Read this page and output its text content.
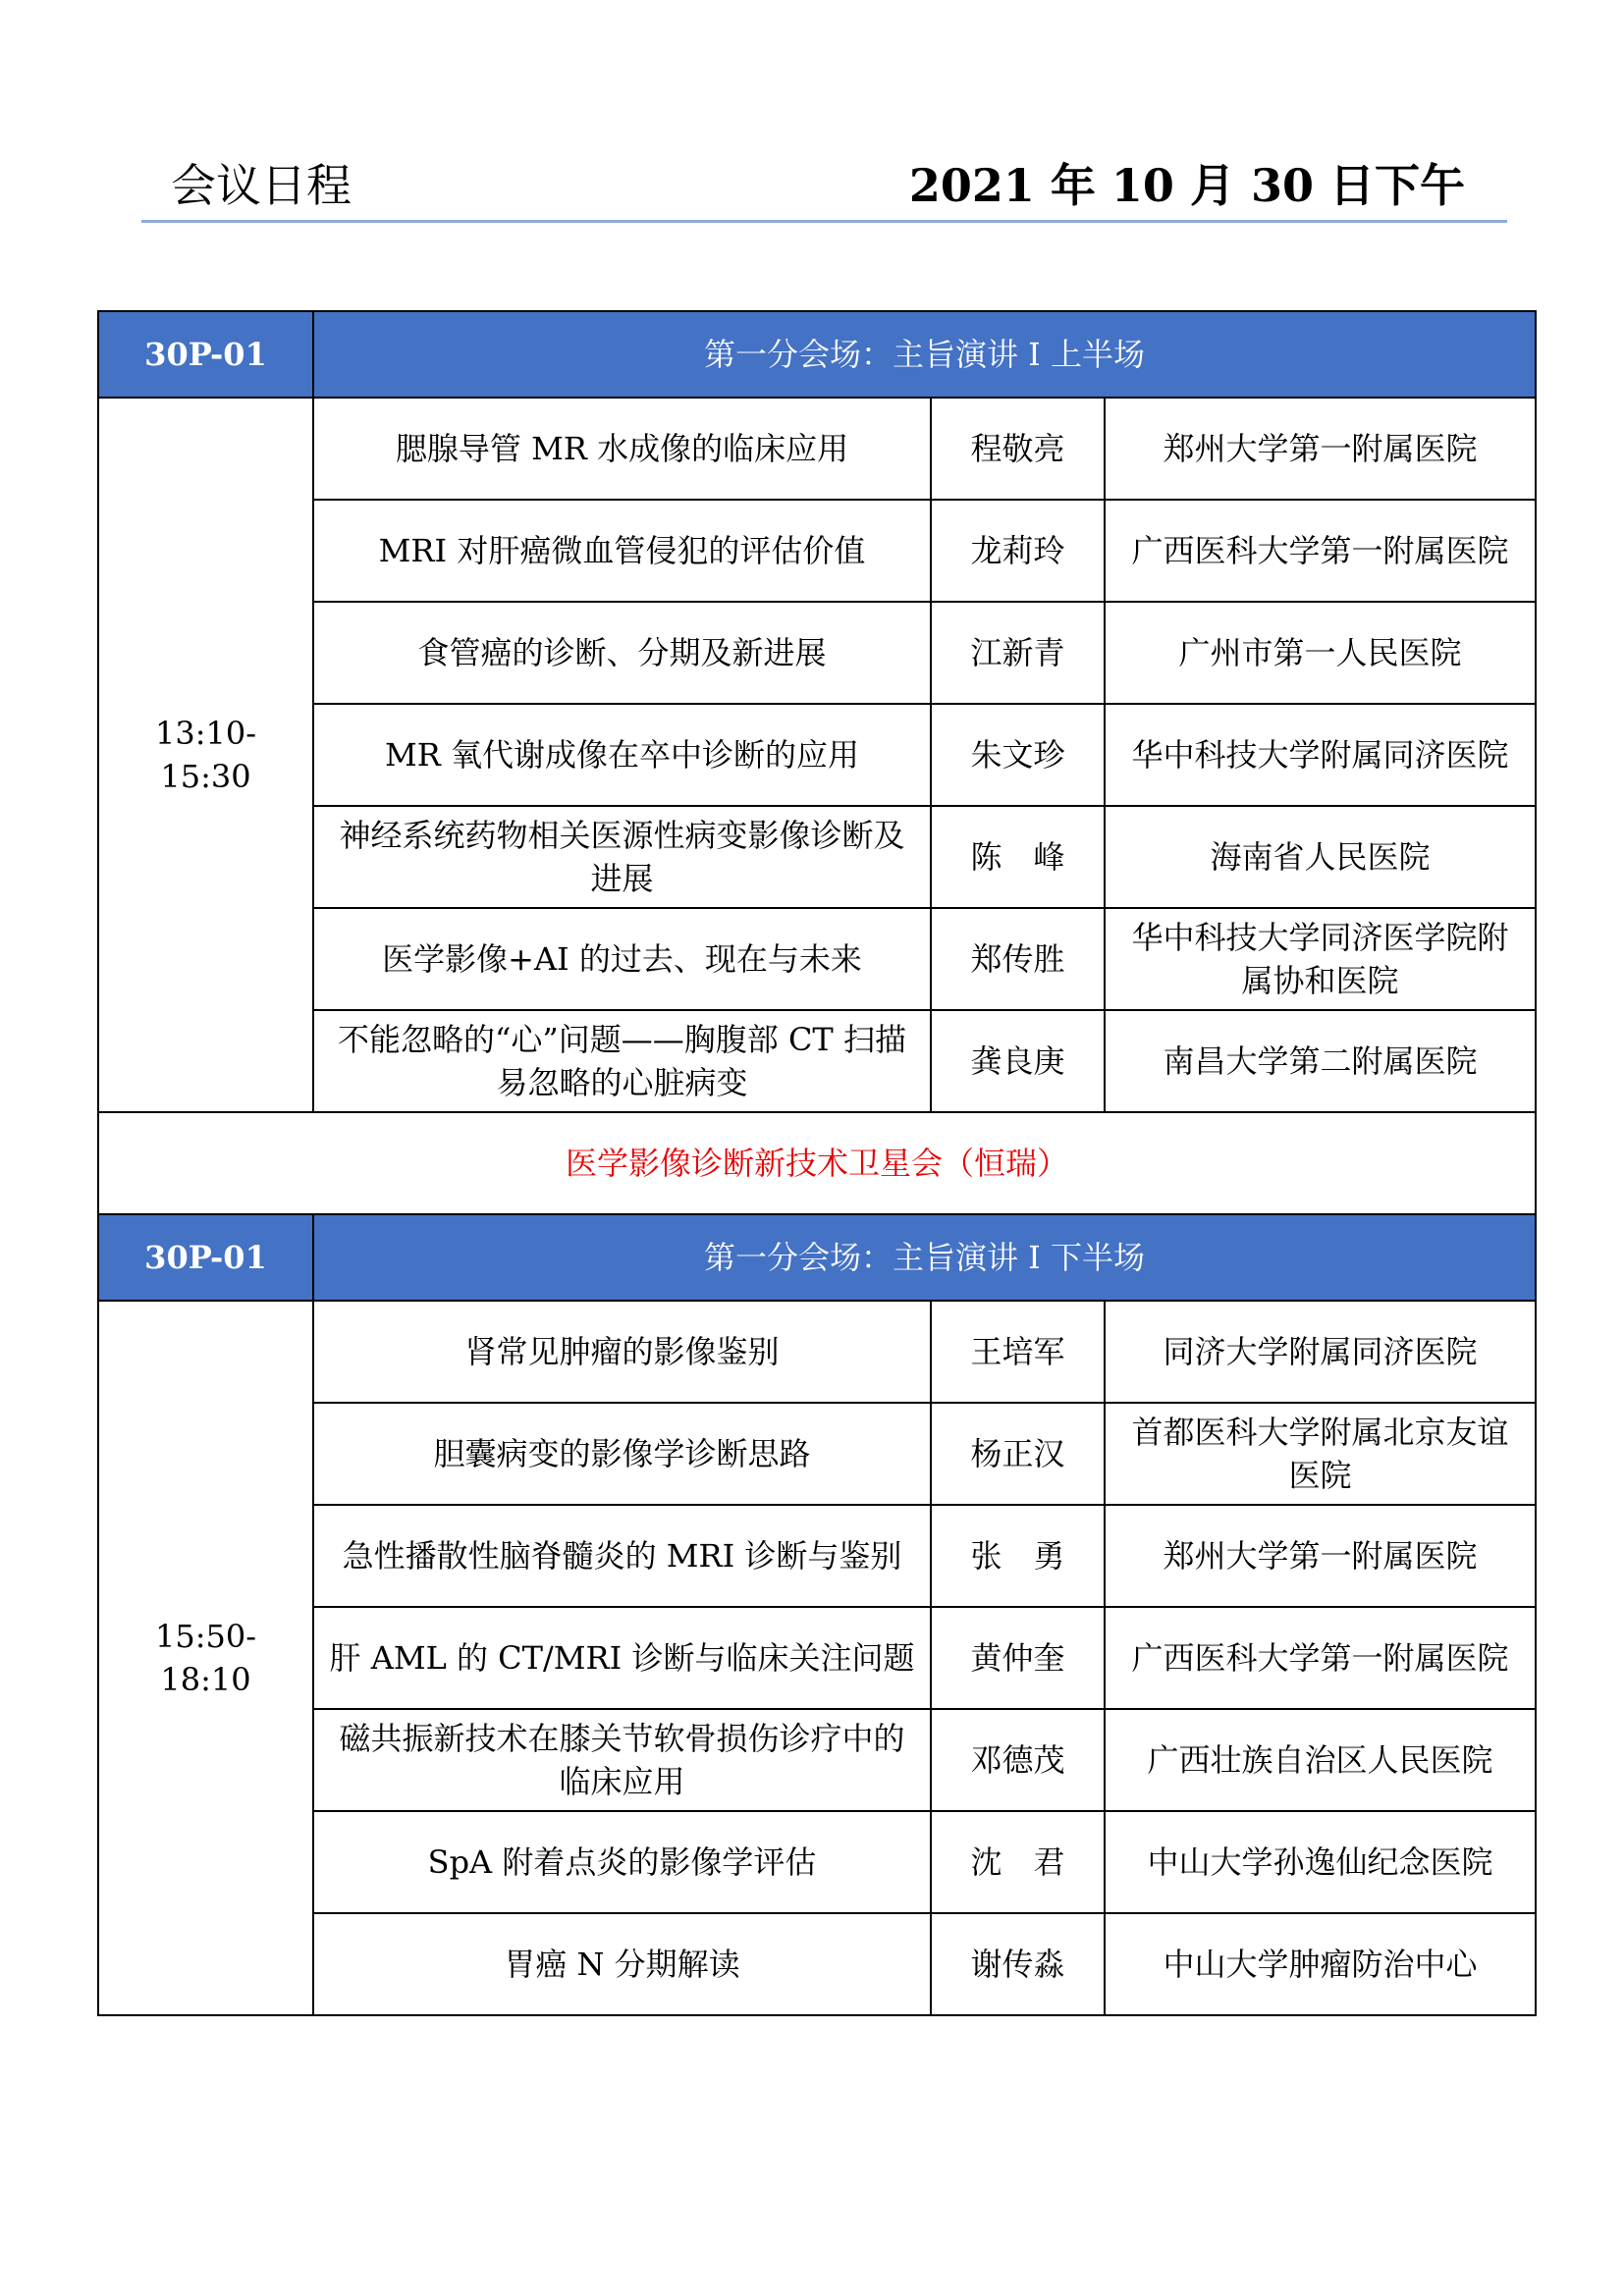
会议日程	2021 年 10 月 30 日下午
30P-01	第一分会场：主旨演讲 I 上半场		
13:10-15:30	腮腺导管 MR 水成像的临床应用	程敬亮	郑州大学第一附属医院
	MRI 对肝癌微血管侵犯的评估价值	龙莉玲	广西医科大学第一附属医院
	食管癌的诊断、分期及新进展	江新青	广州市第一人民医院
	MR 氧代谢成像在卒中诊断的应用	朱文珍	华中科技大学附属同济医院
	神经系统药物相关医源性病变影像诊断及进展	陈　峰	海南省人民医院
	医学影像+AI 的过去、现在与未来	郑传胜	华中科技大学同济医学院附属协和医院
	不能忽略的“心”问题——胸腹部 CT 扫描易忽略的心脏病变	龚良庚	南昌大学第二附属医院
医学影像诊断新技术卫星会（恒瑞）			
30P-01	第一分会场：主旨演讲 I 下半场		
15:50-18:10	肾常见肿瘤的影像鉴别	王培军	同济大学附属同济医院
	胆囊病变的影像学诊断思路	杨正汉	首都医科大学附属北京友谊医院
	急性播散性脑脊髓炎的 MRI 诊断与鉴别	张　勇	郑州大学第一附属医院
	肝 AML 的 CT/MRI 诊断与临床关注问题	黄仲奎	广西医科大学第一附属医院
	磁共振新技术在膝关节软骨损伤诊疗中的临床应用	邓德茂	广西壮族自治区人民医院
	SpA 附着点炎的影像学评估	沈　君	中山大学孙逸仙纪念医院
	胃癌 N 分期解读	谢传淼	中山大学肿瘤防治中心
